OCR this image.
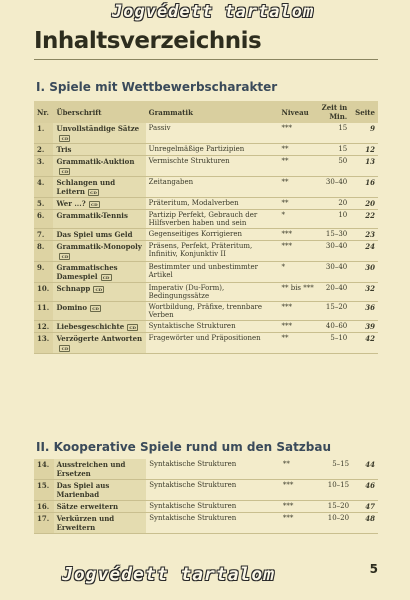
Jogvédett tartalom
Inhaltsverzeichnis
I. Spiele mit Wettbewerbscharakter
Nr.	Überschrift	Grammatik	Niveau	Zeit in Min.	Seite
1.	Unvollständige SätzeCD	Passiv	***	15	9
2.	Tris	Unregelmäßige Partizipien	**	15	12
3.	Grammatik-AuktionCD	Vermischte Strukturen	**	50	13
4.	Schlangen und Leitern CD	Zeitangaben	**	30–40	16
5.	Wer ...? CD	Präteritum, Modalverben	**	20	20
6.	Grammatik-Tennis	Partizip Perfekt, Gebrauch der Hilfsverben haben und sein	*	10	22
7.	Das Spiel ums Geld	Gegenseitiges Korrigieren	***	15–30	23
8.	Grammatik-MonopolyCD	Präsens, Perfekt, Präteritum, Infinitiv, Konjunktiv II	***	30–40	24
9.	Grammatisches Damespiel CD	Bestimmter und unbestimmter Artikel	*	30–40	30
10.	Schnapp CD	Imperativ (Du-Form), Bedingungssätze	** bis ***	20–40	32
11.	Domino CD	Wortbildung, Präfixe, trennbare Verben	***	15–20	36
12.	Liebesgeschichte CD	Syntaktische Strukturen	***	40–60	39
13.	Verzögerte AntwortenCD	Fragewörter und Präpositionen	**	5–10	42
II. Kooperative Spiele rund um den Satzbau
14.	Ausstreichen und Ersetzen	Syntaktische Strukturen	**	5–15	44
15.	Das Spiel aus Marienbad	Syntaktische Strukturen	***	10–15	46
16.	Sätze erweitern	Syntaktische Strukturen	***	15–20	47
17.	Verkürzen und Erweitern	Syntaktische Strukturen	***	10–20	48
Jogvédett tartalom	5
